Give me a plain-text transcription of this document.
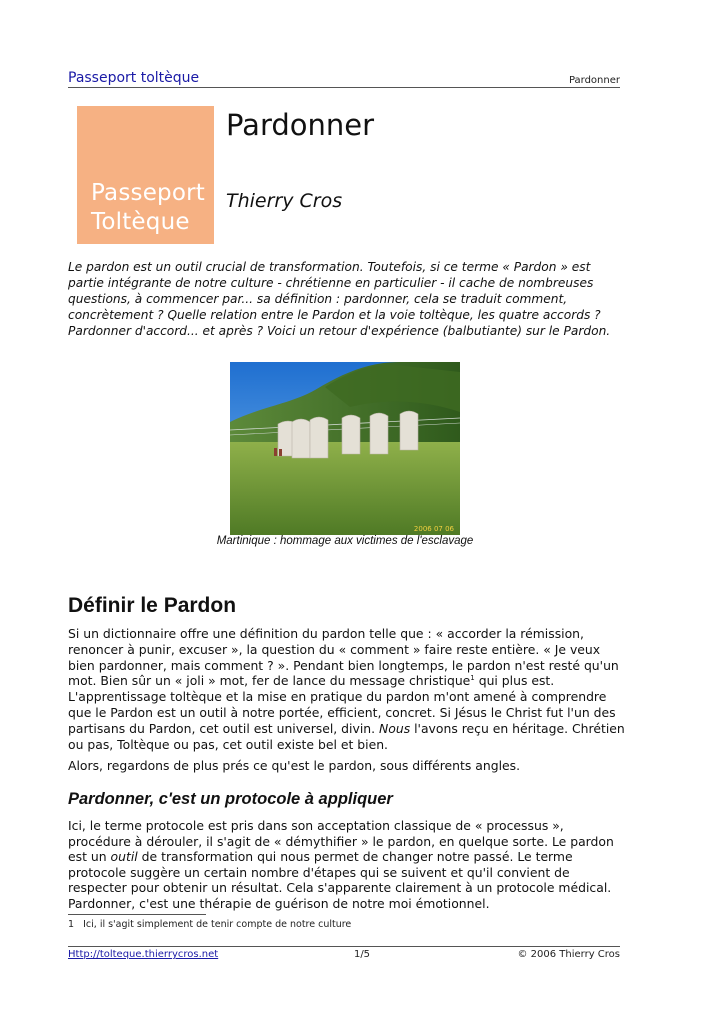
Passeport toltèque	Pardonner
Passeport
Toltèque
Pardonner
Thierry Cros
Le pardon est un outil crucial de transformation. Toutefois, si ce terme « Pardon » est partie intégrante de notre culture - chrétienne en particulier - il cache de nombreuses questions, à commencer par... sa définition : pardonner, cela se traduit comment, concrètement ? Quelle relation entre le Pardon et la voie toltèque, les quatre accords ? Pardonner d'accord... et après ? Voici un retour d'expérience (balbutiante) sur le Pardon.
2006 07 06
Martinique : hommage aux victimes de l'esclavage
Définir le Pardon

Si un dictionnaire offre une définition du pardon telle que : « accorder la rémission, renoncer à punir, excuser », la question du « comment » faire reste entière. « Je veux bien pardonner, mais comment ? ». Pendant bien longtemps, le pardon n'est resté qu'un mot. Bien sûr un « joli » mot, fer de lance du message christique$^1$ qui plus est. L'apprentissage toltèque et la mise en pratique du pardon m'ont amené à comprendre que le Pardon est un outil à notre portée, efficient, concret. Si Jésus le Christ fut l'un des partisans du Pardon, cet outil est universel, divin. Nous l'avons reçu en héritage. Chrétien ou pas, Toltèque ou pas, cet outil existe bel et bien.

Alors, regardons de plus prés ce qu'est le pardon, sous différents angles.

Pardonner, c'est un protocole à appliquer
Ici, le terme protocole est pris dans son acceptation classique de « processus », procédure à dérouler, il s'agit de « démythifier » le pardon, en quelque sorte. Le pardon est un outil de transformation qui nous permet de changer notre passé. Le terme protocole suggère un certain nombre d'étapes qui se suivent et qu'il convient de respecter pour obtenir un résultat. Cela s'apparente clairement à un protocole médical. Pardonner, c'est une thérapie de guérison de notre moi émotionnel.
1 Ici, il s'agit simplement de tenir compte de notre culture
Http://tolteque.thierrycros.net	1/5	© 2006 Thierry Cros
